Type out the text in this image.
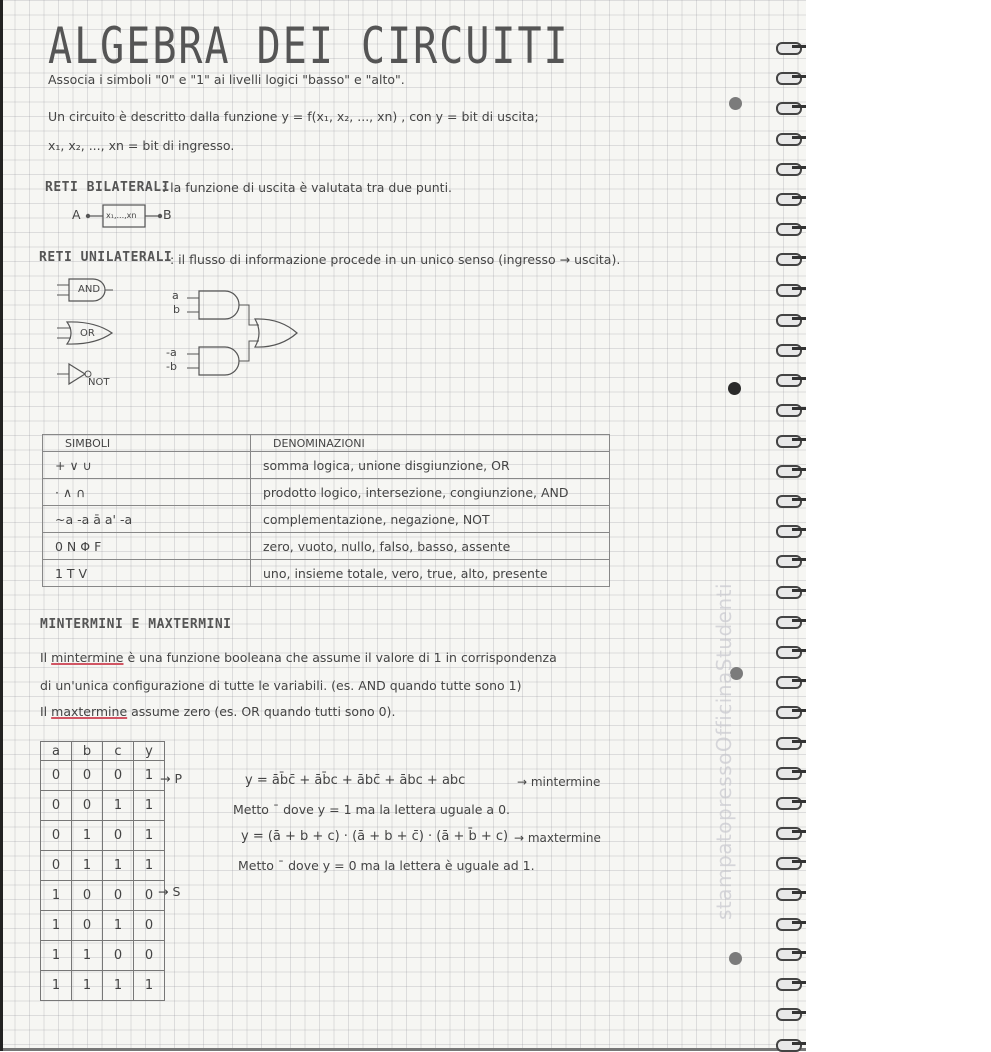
ALGEBRA DEI CIRCUITI
Associa i simboli "0" e "1" ai livelli logici "basso" e "alto".
Un circuito è descritto dalla funzione y = f(x₁, x₂, ..., xn) , con y = bit di uscita;
x₁, x₂, ..., xn = bit di ingresso.
RETI BILATERALI
: la funzione di uscita è valutata tra due punti.
A	B
x₁,...,xn
RETI UNILATERALI
: il flusso di informazione procede in un unico senso (ingresso → uscita).
AND
OR
NOT
a
b
-a
-b
SIMBOLI	DENOMINAZIONI
+ ∨ ∪	somma logica, unione disgiunzione, OR
· ∧ ∩	prodotto logico, intersezione, congiunzione, AND
~a -a ā a' -a	complementazione, negazione, NOT
0 N Φ F	zero, vuoto, nullo, falso, basso, assente
1 T V	uno, insieme totale, vero, true, alto, presente
MINTERMINI E MAXTERMINI
Il mintermine è una funzione booleana che assume il valore di 1 in corrispondenza
di un'unica configurazione di tutte le variabili. (es. AND quando tutte sono 1)
Il maxtermine assume zero (es. OR quando tutti sono 0).
a	b	c	y
0	0	0	1
0	0	1	1
0	1	0	1
0	1	1	1
1	0	0	0
1	0	1	0
1	1	0	0
1	1	1	1
→ P
→ S
y = āb̄c̄ + āb̄c + ābc̄ + ābc + abc	→ mintermine
Metto ¯ dove y = 1 ma la lettera uguale a 0.
y = (ā + b + c) · (ā + b + c̄) · (ā + b̄ + c) → maxtermine
Metto ¯ dove y = 0 ma la lettera è uguale ad 1.	stampatopressoOfficinaStudenti
